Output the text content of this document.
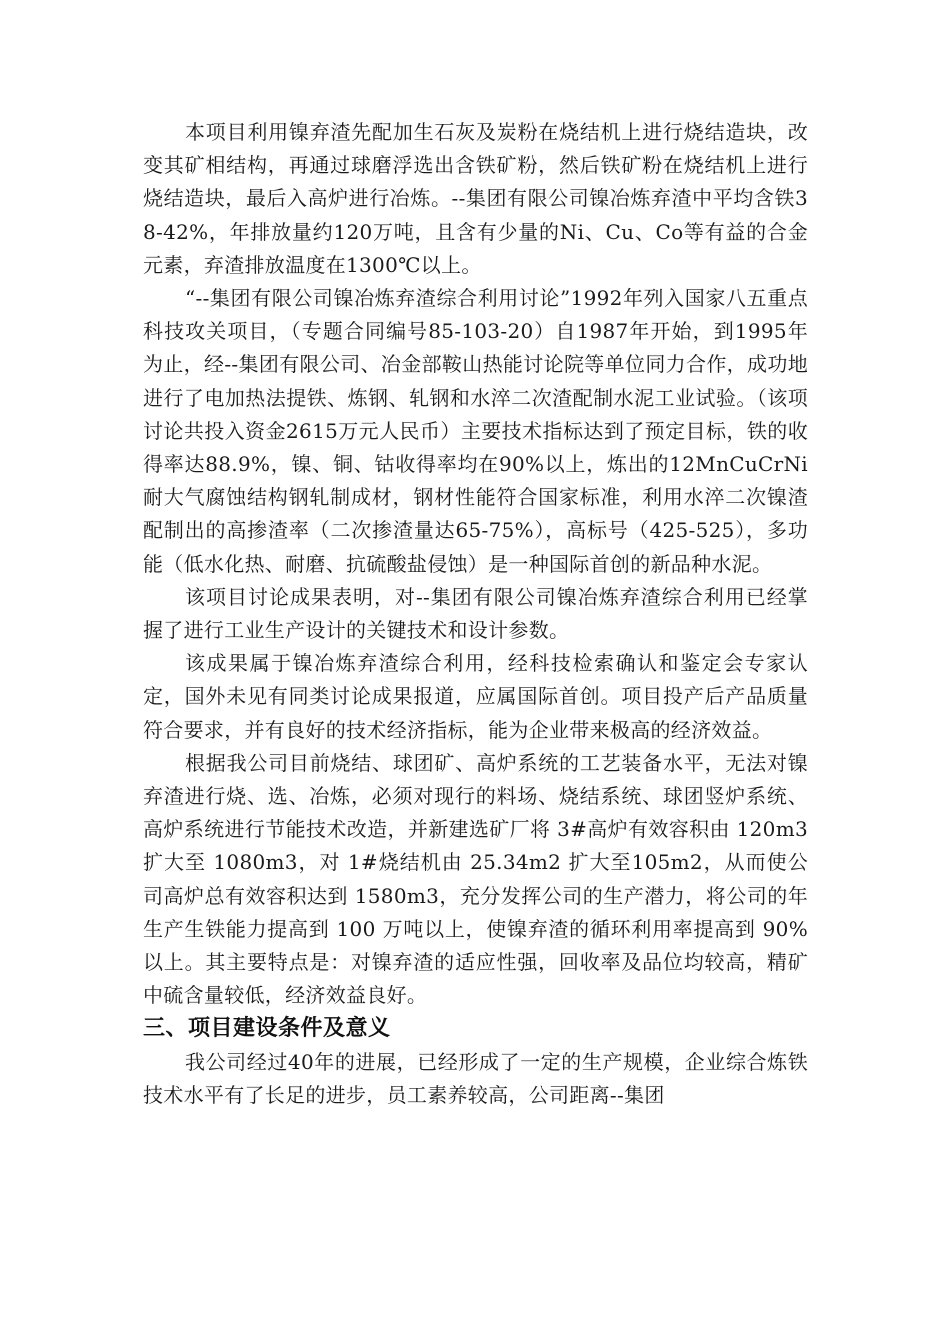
本项目利用镍弃渣先配加生石灰及炭粉在烧结机上进行烧结造块，改变其矿相结构，再通过球磨浮选出含铁矿粉，然后铁矿粉在烧结机上进行烧结造块，最后入高炉进行冶炼。--集团有限公司镍冶炼弃渣中平均含铁38-42%，年排放量约120万吨，且含有少量的Ni、Cu、Co等有益的合金元素，弃渣排放温度在1300℃以上。

“--集团有限公司镍冶炼弃渣综合利用讨论”1992年列入国家八五重点科技攻关项目，（专题合同编号85-103-20）自1987年开始，到1995年为止，经--集团有限公司、冶金部鞍山热能讨论院等单位同力合作，成功地进行了电加热法提铁、炼钢、轧钢和水淬二次渣配制水泥工业试验。（该项讨论共投入资金2615万元人民币）主要技术指标达到了预定目标，铁的收得率达88.9%，镍、铜、钴收得率均在90%以上，炼出的12MnCuCrNi耐大气腐蚀结构钢轧制成材，钢材性能符合国家标准，利用水淬二次镍渣配制出的高掺渣率（二次掺渣量达65-75%），高标号（425-525），多功能（低水化热、耐磨、抗硫酸盐侵蚀）是一种国际首创的新品种水泥。

该项目讨论成果表明，对--集团有限公司镍冶炼弃渣综合利用已经掌握了进行工业生产设计的关键技术和设计参数。

该成果属于镍冶炼弃渣综合利用，经科技检索确认和鉴定会专家认定，国外未见有同类讨论成果报道，应属国际首创。项目投产后产品质量符合要求，并有良好的技术经济指标，能为企业带来极高的经济效益。

根据我公司目前烧结、球团矿、高炉系统的工艺装备水平，无法对镍弃渣进行烧、选、冶炼，必须对现行的料场、烧结系统、球团竖炉系统、高炉系统进行节能技术改造，并新建选矿厂将 3#高炉有效容积由 120m3 扩大至 1080m3，对 1#烧结机由 25.34m2 扩大至105m2，从而使公司高炉总有效容积达到 1580m3，充分发挥公司的生产潜力，将公司的年生产生铁能力提高到 100 万吨以上，使镍弃渣的循环利用率提高到 90%以上。其主要特点是：对镍弃渣的适应性强，回收率及品位均较高，精矿中硫含量较低，经济效益良好。

三、项目建设条件及意义

我公司经过40年的进展，已经形成了一定的生产规模，企业综合炼铁技术水平有了长足的进步，员工素养较高，公司距离--集团
